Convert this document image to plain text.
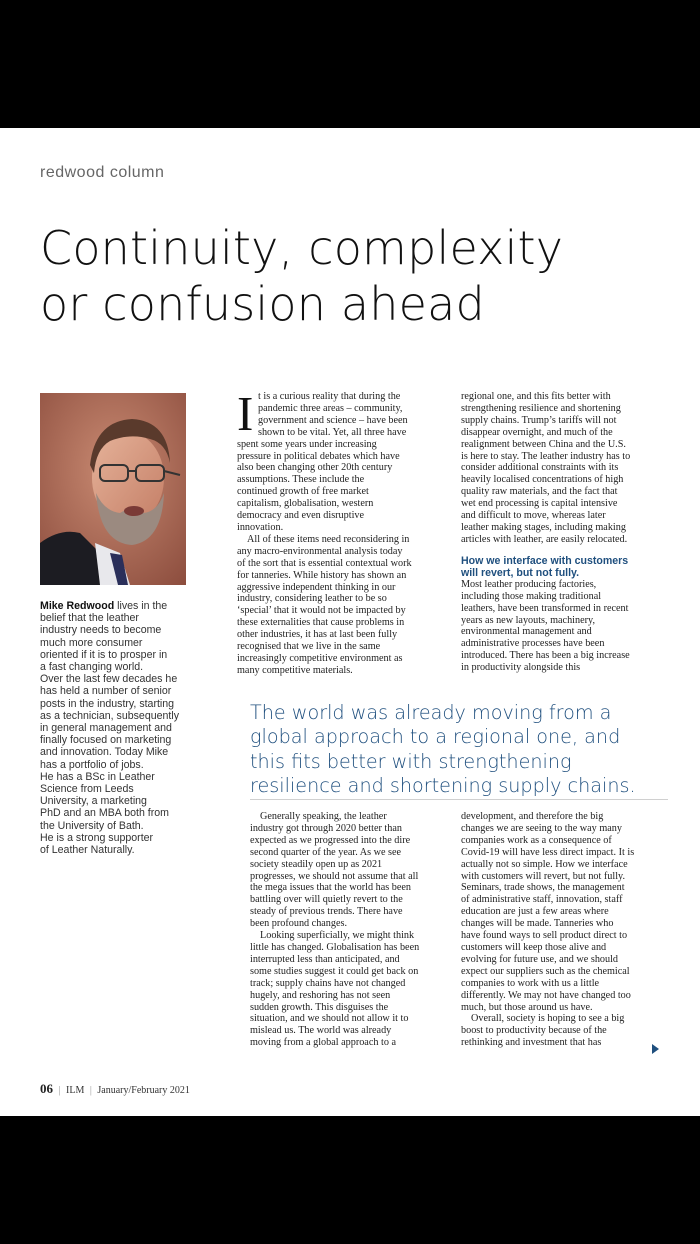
redwood column
Continuity, complexity
or confusion ahead
Mike Redwood lives in the
belief that the leather
industry needs to become
much more consumer
oriented if it is to prosper in
a fast changing world.
Over the last few decades he
has held a number of senior
posts in the industry, starting
as a technician, subsequently
in general management and
finally focused on marketing
and innovation. Today Mike
has a portfolio of jobs.
He has a BSc in Leather
Science from Leeds
University, a marketing
PhD and an MBA both from
the University of Bath.
He is a strong supporter
of Leather Naturally.
I t is a curious reality that during the
pandemic three areas – community,
government and science – have been
shown to be vital. Yet, all three have
spent some years under increasing
pressure in political debates which have
also been changing other 20th century
assumptions. These include the
continued growth of free market
capitalism, globalisation, western
democracy and even disruptive
innovation.
All of these items need reconsidering in
any macro-environmental analysis today
of the sort that is essential contextual work
for tanneries. While history has shown an
aggressive independent thinking in our
industry, considering leather to be so
‘special’ that it would not be impacted by
these externalities that cause problems in
other industries, it has at last been fully
recognised that we live in the same
increasingly competitive environment as
many competitive materials.
regional one, and this fits better with
strengthening resilience and shortening
supply chains. Trump’s tariffs will not
disappear overnight, and much of the
realignment between China and the U.S.
is here to stay. The leather industry has to
consider additional constraints with its
heavily localised concentrations of high
quality raw materials, and the fact that
wet end processing is capital intensive
and difficult to move, whereas later
leather making stages, including making
articles with leather, are easily relocated.
How we interface with customers
will revert, but not fully.
Most leather producing factories,
including those making traditional
leathers, have been transformed in recent
years as new layouts, machinery,
environmental management and
administrative processes have been
introduced. There has been a big increase
in productivity alongside this
The world was already moving from a
global approach to a regional one, and
this fits better with strengthening
resilience and shortening supply chains.
Generally speaking, the leather
industry got through 2020 better than
expected as we progressed into the dire
second quarter of the year. As we see
society steadily open up as 2021
progresses, we should not assume that all
the mega issues that the world has been
battling over will quietly revert to the
steady of previous trends. There have
been profound changes.
Looking superficially, we might think
little has changed. Globalisation has been
interrupted less than anticipated, and
some studies suggest it could get back on
track; supply chains have not changed
hugely, and reshoring has not seen
sudden growth. This disguises the
situation, and we should not allow it to
mislead us. The world was already
moving from a global approach to a
development, and therefore the big
changes we are seeing to the way many
companies work as a consequence of
Covid-19 will have less direct impact. It is
actually not so simple. How we interface
with customers will revert, but not fully.
Seminars, trade shows, the management
of administrative staff, innovation, staff
education are just a few areas where
changes will be made. Tanneries who
have found ways to sell product direct to
customers will keep those alive and
evolving for future use, and we should
expect our suppliers such as the chemical
companies to work with us a little
differently. We may not have changed too
much, but those around us have.
Overall, society is hoping to see a big
boost to productivity because of the
rethinking and investment that has
06 | ILM | January/February 2021
